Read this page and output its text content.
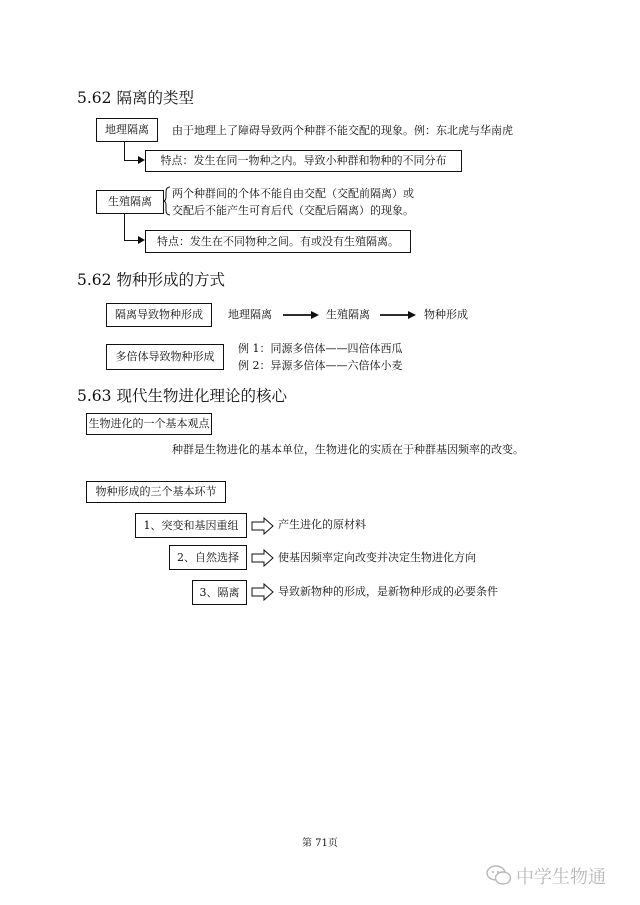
5.62 隔离的类型
地理隔离 由于地理上了障碍导致两个种群不能交配的现象。例：东北虎与华南虎
特点：发生在同一物种之内。导致小种群和物种的不同分布
生殖隔离
两个种群间的个体不能自由交配（交配前隔离）或
交配后不能产生可育后代（交配后隔离）的现象。
特点：发生在不同物种之间。有或没有生殖隔离。
5.62 物种形成的方式
隔离导致物种形成 地理隔离	生殖隔离	物种形成
多倍体导致物种形成
例 1：同源多倍体——四倍体西瓜
例 2：异源多倍体——六倍体小麦
5.63 现代生物进化理论的核心
生物进化的一个基本观点
种群是生物进化的基本单位，生物进化的实质在于种群基因频率的改变。
物种形成的三个基本环节
1、突变和基因重组	产生进化的原材料
2、自然选择	使基因频率定向改变并决定生物进化方向
3、隔离	导致新物种的形成，是新物种形成的必要条件
第 71页
中学生物通
